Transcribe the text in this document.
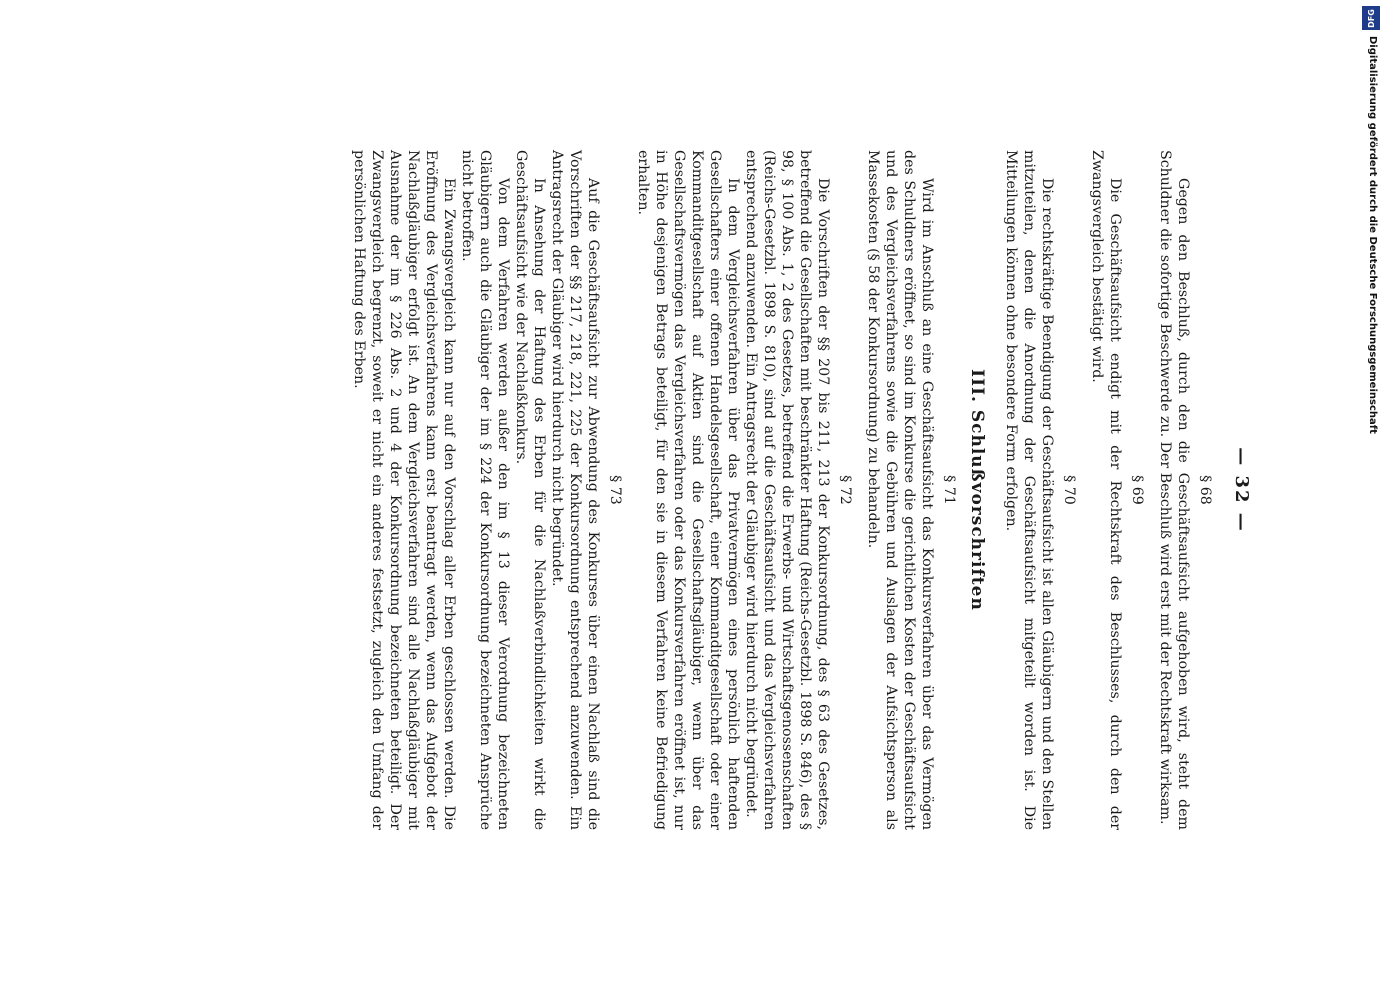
— 32 —
§ 68

Gegen den Beschluß, durch den die Geschäftsaufsicht aufgehoben wird, steht dem Schuldner die sofortige Beschwerde zu. Der Beschluß wird erst mit der Rechtskraft wirksam.

§ 69

Die Geschäftsaufsicht endigt mit der Rechtskraft des Beschlusses, durch den der Zwangsvergleich bestätigt wird.

§ 70

Die rechtskräftige Beendigung der Geschäftsaufsicht ist allen Gläubigern und den Stellen mitzuteilen, denen die Anordnung der Geschäftsaufsicht mitgeteilt worden ist. Die Mitteilungen können ohne besondere Form erfolgen.

III. Schlußvorschriften
§ 71

Wird im Anschluß an eine Geschäftsaufsicht das Konkursverfahren über das Vermögen des Schuldners eröffnet, so sind im Konkurse die gerichtlichen Kosten der Geschäftsaufsicht und des Vergleichsverfahrens sowie die Gebühren und Auslagen der Aufsichtsperson als Massekosten (§ 58 der Konkursordnung) zu behandeln.

§ 72

Die Vorschriften der §§ 207 bis 211, 213 der Konkursordnung, des § 63 des Gesetzes, betreffend die Gesellschaften mit beschränkter Haftung (Reichs-Gesetzbl. 1898 S. 846), des § 98, § 100 Abs. 1, 2 des Gesetzes, betreffend die Erwerbs- und Wirtschaftsgenossenschaften (Reichs-Gesetzbl. 1898 S. 810), sind auf die Geschäftsaufsicht und das Vergleichsverfahren entsprechend anzuwenden. Ein Antragsrecht der Gläubiger wird hierdurch nicht begründet.

In dem Vergleichsverfahren über das Privatvermögen eines persönlich haftenden Gesellschafters einer offenen Handelsgesellschaft, einer Kommanditgesellschaft oder einer Kommanditgesellschaft auf Aktien sind die Gesellschaftsgläubiger, wenn über das Gesellschaftsvermögen das Vergleichsverfahren oder das Konkursverfahren eröffnet ist, nur in Höhe desjenigen Betrags beteiligt, für den sie in diesem Verfahren keine Befriedigung erhalten.

§ 73

Auf die Geschäftsaufsicht zur Abwendung des Konkurses über einen Nachlaß sind die Vorschriften der §§ 217, 218, 221, 225 der Konkursordnung entsprechend anzuwenden. Ein Antragsrecht der Gläubiger wird hierdurch nicht begründet.

In Ansehung der Haftung des Erben für die Nachlaßverbindlichkeiten wirkt die Geschäftsaufsicht wie der Nachlaßkonkurs.

Von dem Verfahren werden außer den im § 13 dieser Verordnung bezeichneten Gläubigern auch die Gläubiger der im § 224 der Konkursordnung bezeichneten Ansprüche nicht betroffen.

Ein Zwangsvergleich kann nur auf den Vorschlag aller Erben geschlossen werden. Die Eröffnung des Vergleichsverfahrens kann erst beantragt werden, wenn das Aufgebot der Nachlaßgläubiger erfolgt ist. An dem Vergleichsverfahren sind alle Nachlaßgläubiger mit Ausnahme der im § 226 Abs. 2 und 4 der Konkursordnung bezeichneten beteiligt. Der Zwangsvergleich begrenzt, soweit er nicht ein anderes festsetzt, zugleich den Umfang der persönlichen Haftung des Erben.

DFG
Digitalisierung gefördert durch die Deutsche Forschungsgemeinschaft
